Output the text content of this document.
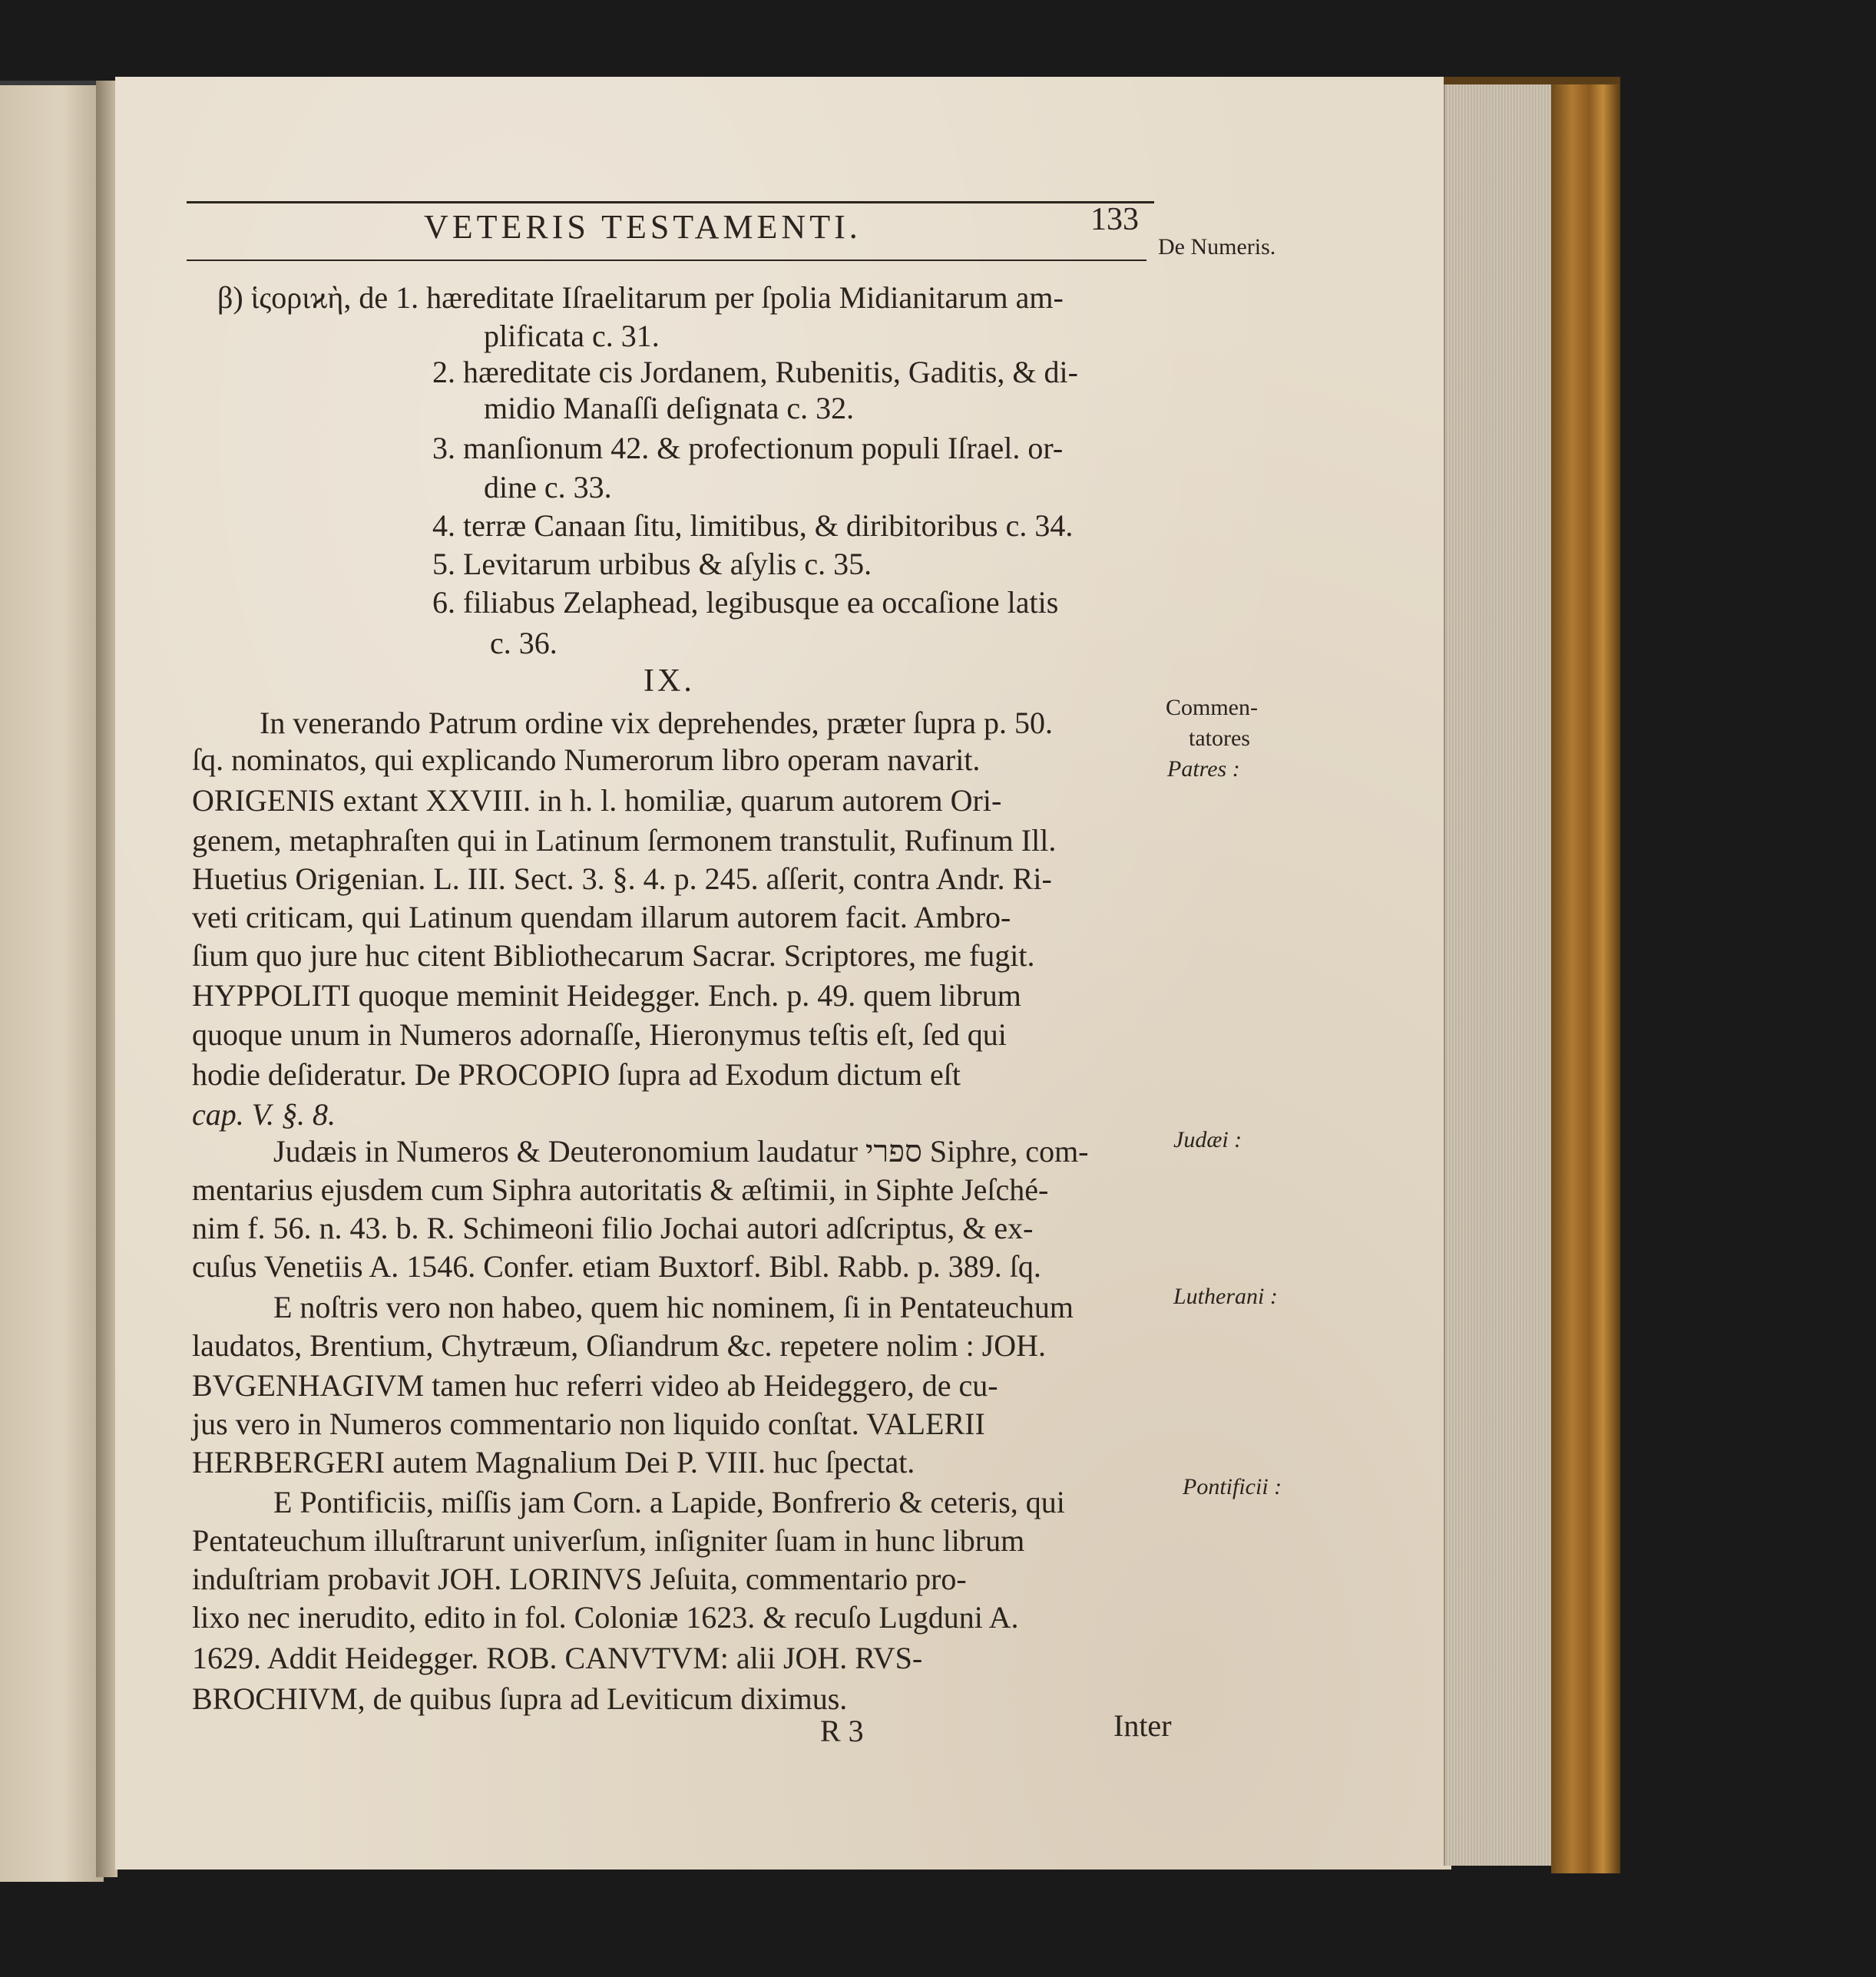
VETERIS TESTAMENTI.	133
De Numeris.
β) ἱςοριϰὴ, de 1. hæreditate Iſraelitarum per ſpolia Midianitarum am-
plificata c. 31.
2. hæreditate cis Jordanem, Rubenitis, Gaditis, & di-
midio Manaſſi deſignata c. 32.
3. manſionum 42. & profectionum populi Iſrael. or-
dine c. 33.
4. terræ Canaan ſitu, limitibus, & diribitoribus c. 34.
5. Levitarum urbibus & aſylis c. 35.
6. filiabus Zelaphead, legibusque ea occaſione latis
c. 36.
IX.
In venerando Patrum ordine vix deprehendes, præter ſupra p. 50.
ſq. nominatos, qui explicando Numerorum libro operam navarit.
ORIGENIS extant XXVIII. in h. l. homiliæ, quarum autorem Ori-
genem, metaphraſten qui in Latinum ſermonem transtulit, Rufinum Ill.
Huetius Origenian. L. III. Sect. 3. §. 4. p. 245. aſſerit, contra Andr. Ri-
veti criticam, qui Latinum quendam illarum autorem facit. Ambro-
ſium quo jure huc citent Bibliothecarum Sacrar. Scriptores, me fugit.
HYPPOLITI quoque meminit Heidegger. Ench. p. 49. quem librum
quoque unum in Numeros adornaſſe, Hieronymus teſtis eſt, ſed qui
hodie deſideratur. De PROCOPIO ſupra ad Exodum dictum eſt
cap. V. §. 8.
Judæis in Numeros & Deuteronomium laudatur ספרי Siphre, com-
mentarius ejusdem cum Siphra autoritatis & æſtimii, in Siphte Jeſché-
nim f. 56. n. 43. b. R. Schimeoni filio Jochai autori adſcriptus, & ex-
cuſus Venetiis A. 1546. Confer. etiam Buxtorf. Bibl. Rabb. p. 389. ſq.
E noſtris vero non habeo, quem hic nominem, ſi in Pentateuchum
laudatos, Brentium, Chytræum, Oſiandrum &c. repetere nolim : JOH.
BVGENHAGIVM tamen huc referri video ab Heideggero, de cu-
jus vero in Numeros commentario non liquido conſtat. VALERII
HERBERGERI autem Magnalium Dei P. VIII. huc ſpectat.
E Pontificiis, miſſis jam Corn. a Lapide, Bonfrerio & ceteris, qui
Pentateuchum illuſtrarunt univerſum, inſigniter ſuam in hunc librum
induſtriam probavit JOH. LORINVS Jeſuita, commentario pro-
lixo nec inerudito, edito in fol. Coloniæ 1623. & recuſo Lugduni A.
1629. Addit Heidegger. ROB. CANVTVM: alii JOH. RVS-
BROCHIVM, de quibus ſupra ad Leviticum diximus.
Commen-
tatores
Patres :
Judæi :
Lutherani :
Pontificii :
R 3	Inter
